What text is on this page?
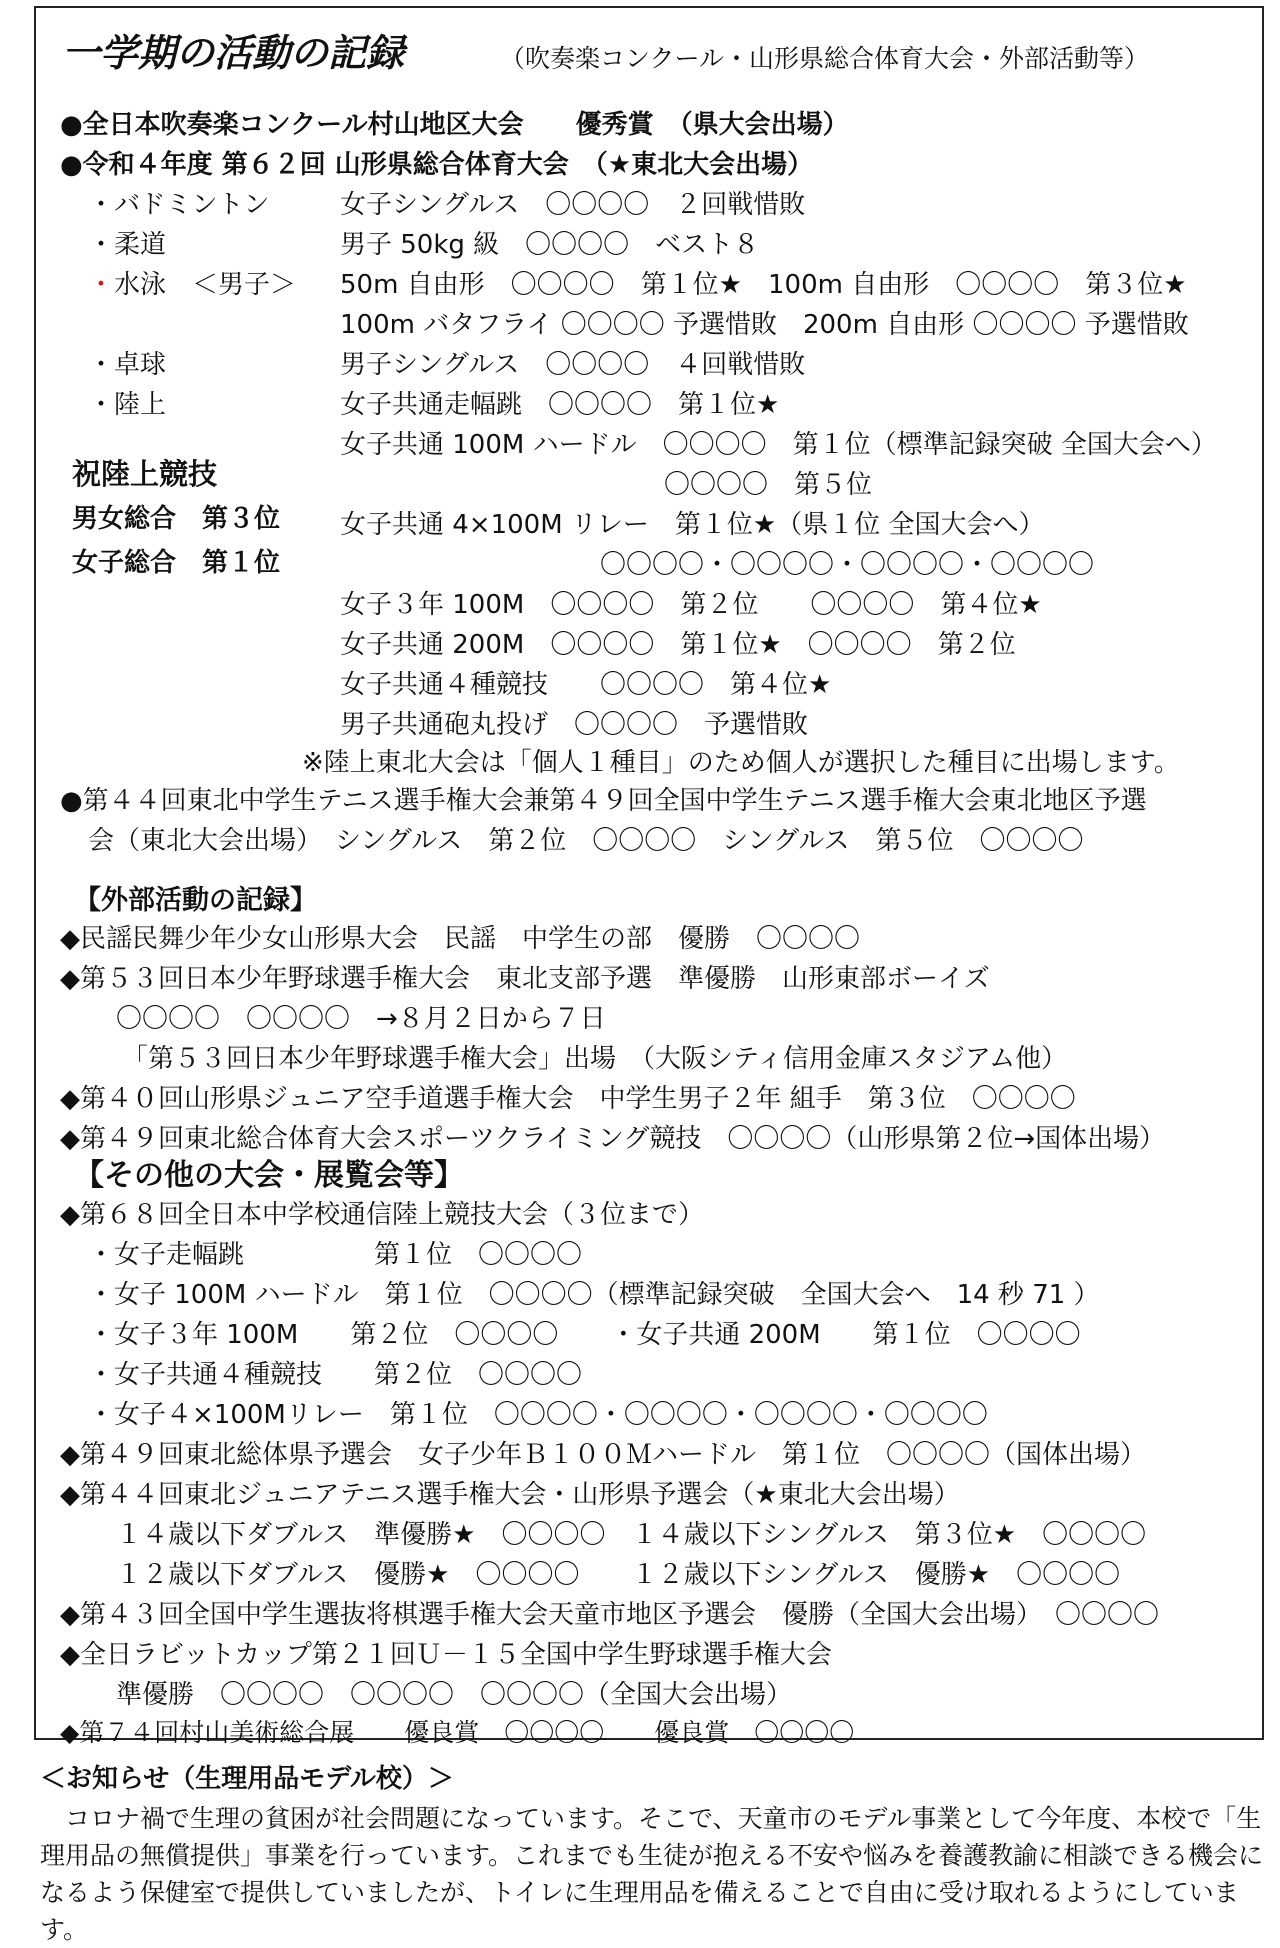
一学期の活動の記録	（吹奏楽コンクール・山形県総合体育大会・外部活動等）
●全日本吹奏楽コンクール村山地区大会　　優秀賞　（県大会出場）
●令和４年度 第６２回 山形県総合体育大会　（★東北大会出場）
・バドミントン	女子シングルス　〇〇〇〇　２回戦惜敗
・柔道	男子 50kg 級　〇〇〇〇　ベスト８
・ 水泳　＜男子＞ 50m 自由形　〇〇〇〇　第１位★　100m 自由形　〇〇〇〇　第３位★
100m バタフライ 〇〇〇〇 予選惜敗　200m 自由形 〇〇〇〇 予選惜敗
・卓球	男子シングルス　〇〇〇〇　４回戦惜敗
・陸上	女子共通走幅跳　〇〇〇〇　第１位★
女子共通 100M ハードル　〇〇〇〇　第１位（標準記録突破 全国大会へ）
〇〇〇〇　第５位
女子共通 4×100M リレー　第１位★（県１位 全国大会へ）
〇〇〇〇・〇〇〇〇・〇〇〇〇・〇〇〇〇
女子３年 100M　〇〇〇〇　第２位　　〇〇〇〇　第４位★
女子共通 200M　〇〇〇〇　第１位★　〇〇〇〇　第２位
女子共通４種競技　　〇〇〇〇　第４位★
男子共通砲丸投げ　〇〇〇〇　予選惜敗
祝陸上競技
男女総合　第３位
女子総合　第１位
※陸上東北大会は「個人１種目」のため個人が選択した種目に出場します。
●第４４回東北中学生テニス選手権大会兼第４９回全国中学生テニス選手権大会東北地区予選
会（東北大会出場）　シングルス　第２位　〇〇〇〇　シングルス　第５位　〇〇〇〇
【外部活動の記録】
◆民謡民舞少年少女山形県大会　民謡　中学生の部　優勝　〇〇〇〇
◆第５３回日本少年野球選手権大会　東北支部予選　準優勝　山形東部ボーイズ
〇〇〇〇　〇〇〇〇　→８月２日から７日
「第５３回日本少年野球選手権大会」出場　（大阪シティ信用金庫スタジアム他）
◆第４０回山形県ジュニア空手道選手権大会　中学生男子２年 組手　第３位　〇〇〇〇
◆第４９回東北総合体育大会スポーツクライミング競技　〇〇〇〇（山形県第２位→国体出場）
【その他の大会・展覧会等】
◆第６８回全日本中学校通信陸上競技大会（３位まで）
・女子走幅跳　　　　　第１位　〇〇〇〇
・女子 100M ハードル　第１位　〇〇〇〇（標準記録突破　全国大会へ　14 秒 71 ）
・女子３年 100M　　第２位　〇〇〇〇　　・女子共通 200M　　第１位　〇〇〇〇
・女子共通４種競技　　第２位　〇〇〇〇
・女子４×100Mリレー　第１位　〇〇〇〇・〇〇〇〇・〇〇〇〇・〇〇〇〇
◆第４９回東北総体県予選会　女子少年Ｂ１００Ｍハードル　第１位　〇〇〇〇（国体出場）
◆第４４回東北ジュニアテニス選手権大会・山形県予選会（★東北大会出場）
１４歳以下ダブルス　準優勝★　〇〇〇〇　１４歳以下シングルス　第３位★　〇〇〇〇
１２歳以下ダブルス　優勝★　〇〇〇〇　　１２歳以下シングルス　優勝★　〇〇〇〇
◆第４３回全国中学生選抜将棋選手権大会天童市地区予選会　優勝（全国大会出場）　〇〇〇〇
◆全日ラビットカップ第２１回Ｕ－１５全国中学生野球選手権大会
準優勝　〇〇〇〇　〇〇〇〇　〇〇〇〇（全国大会出場）
◆第７４回村山美術総合展　　優良賞　〇〇〇〇　　優良賞　〇〇〇〇
＜お知らせ（生理用品モデル校）＞
　コロナ禍で生理の貧困が社会問題になっています。そこで、天童市のモデル事業として今年度、本校で「生理用品の無償提供」事業を行っています。これまでも生徒が抱える不安や悩みを養護教諭に相談できる機会になるよう保健室で提供していましたが、トイレに生理用品を備えることで自由に受け取れるようにしています。
